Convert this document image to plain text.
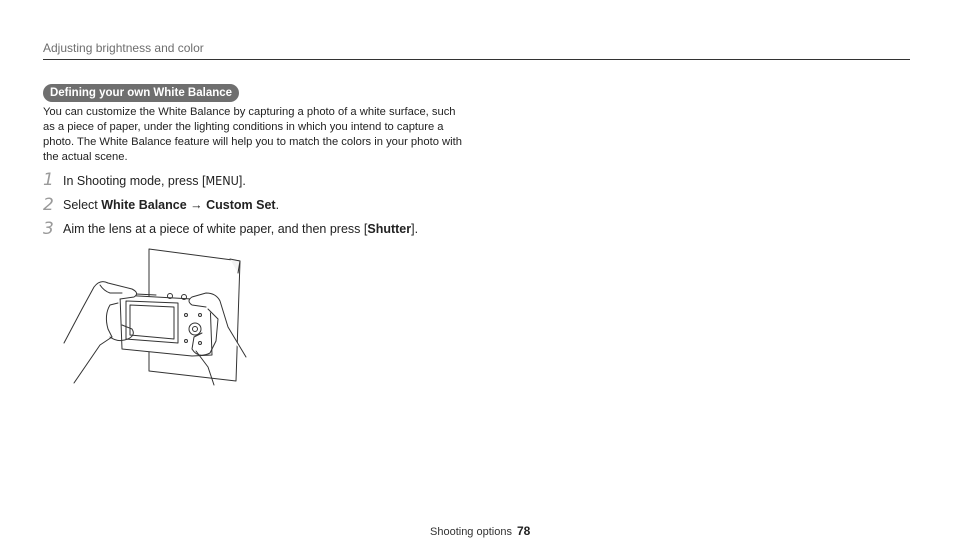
Adjusting brightness and color
Defining your own White Balance

You can customize the White Balance by capturing a photo of a white surface, such as a piece of paper, under the lighting conditions in which you intend to capture a photo. The White Balance feature will help you to match the colors in your photo with the actual scene.

1 In Shooting mode, press [MENU].
2 Select White Balance → Custom Set.
3 Aim the lens at a piece of white paper, and then press [Shutter].
Shooting options 78
